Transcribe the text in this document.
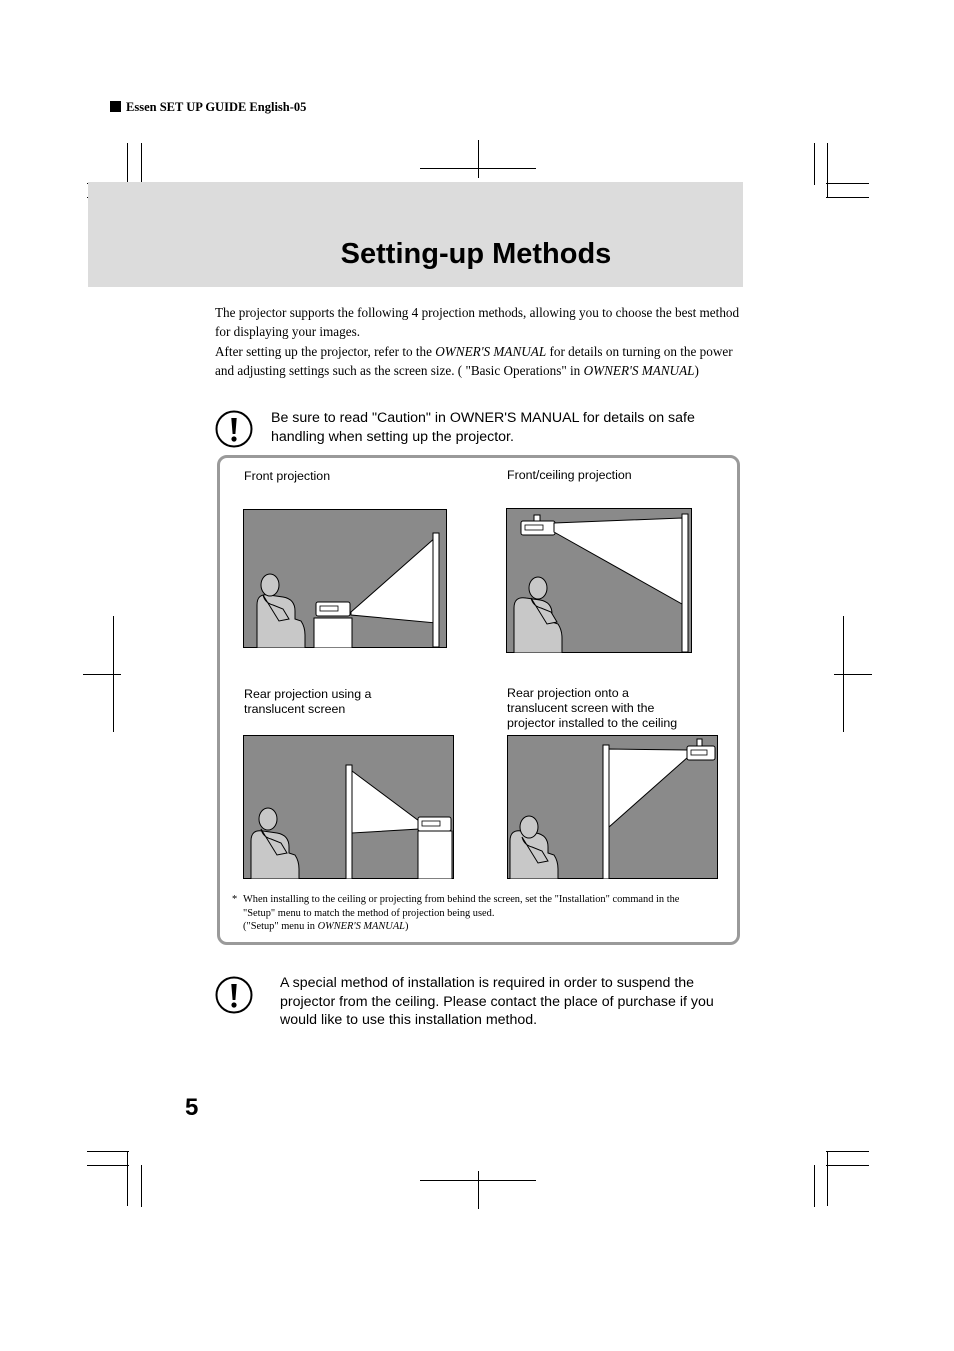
Essen SET UP GUIDE English-05
Setting-up Methods

The projector supports the following 4 projection methods, allowing you to choose the best method for displaying your images.

After setting up the projector, refer to the OWNER'S MANUAL for details on turning on the power and adjusting settings such as the screen size. ( "Basic Operations" in OWNER'S MANUAL)

Be sure to read "Caution" in OWNER'S MANUAL for details on safe
handling when setting up the projector.
Front projection	Front/ceiling projection
Rear projection using a
translucent screen
Rear projection onto a
translucent screen with the
projector installed to the ceiling
* When installing to the ceiling or projecting from behind the screen, set the "Installation" command in the
"Setup" menu to match the method of projection being used.
("Setup" menu in OWNER'S MANUAL)
A special method of installation is required in order to suspend the
projector from the ceiling. Please contact the place of purchase if you
would like to use this installation method.
5
